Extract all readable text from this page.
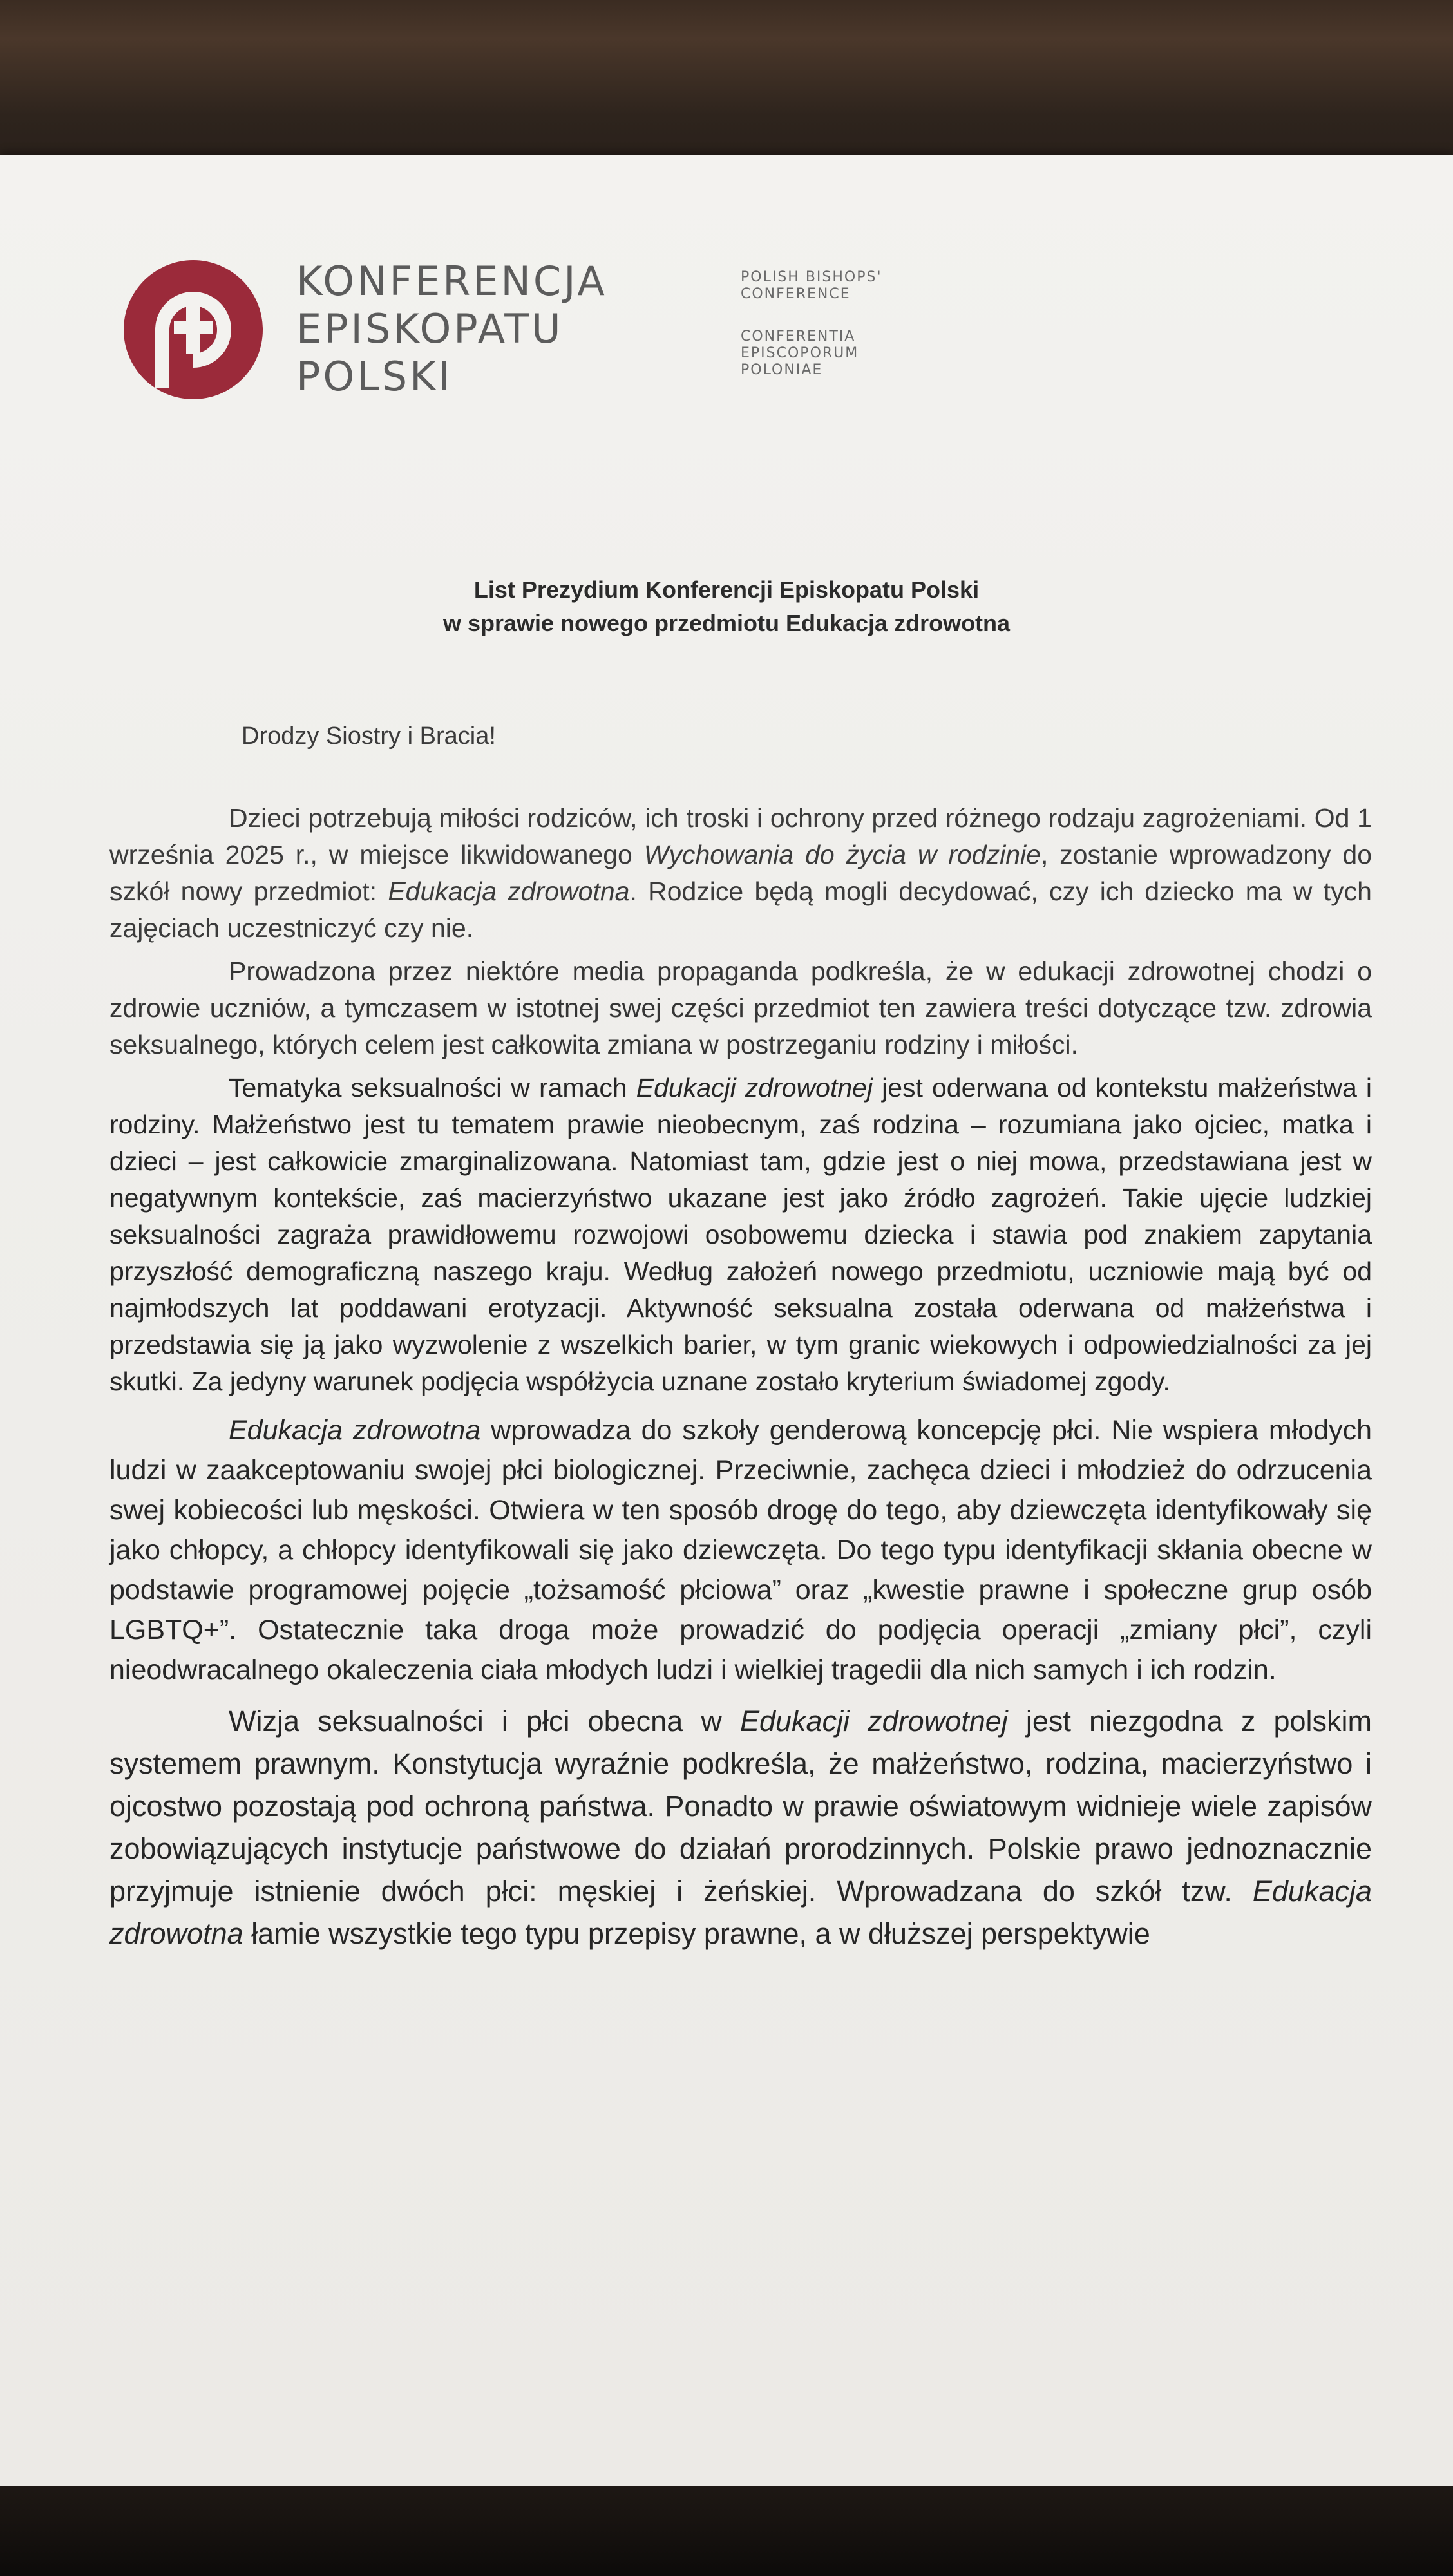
KONFERENCJA
EPISKOPATU
POLSKI
POLISH BISHOPS'
CONFERENCE
CONFERENTIA
EPISCOPORUM
POLONIAE
List Prezydium Konferencji Episkopatu Polski
w sprawie nowego przedmiotu Edukacja zdrowotna
Drodzy Siostry i Bracia!

Dzieci potrzebują miłości rodziców, ich troski i ochrony przed różnego rodzaju zagrożeniami. Od 1 września 2025 r., w miejsce likwidowanego Wychowania do życia w rodzinie, zostanie wprowadzony do szkół nowy przedmiot: Edukacja zdrowotna. Rodzice będą mogli decydować, czy ich dziecko ma w tych zajęciach uczestniczyć czy nie.

Prowadzona przez niektóre media propaganda podkreśla, że w edukacji zdrowotnej chodzi o zdrowie uczniów, a tymczasem w istotnej swej części przedmiot ten zawiera treści dotyczące tzw. zdrowia seksualnego, których celem jest całkowita zmiana w postrzeganiu rodziny i miłości.

Tematyka seksualności w ramach Edukacji zdrowotnej jest oderwana od kontekstu małżeństwa i rodziny. Małżeństwo jest tu tematem prawie nieobecnym, zaś rodzina – rozumiana jako ojciec, matka i dzieci – jest całkowicie zmarginalizowana. Natomiast tam, gdzie jest o niej mowa, przedstawiana jest w negatywnym kontekście, zaś macierzyństwo ukazane jest jako źródło zagrożeń. Takie ujęcie ludzkiej seksualności zagraża prawidłowemu rozwojowi osobowemu dziecka i stawia pod znakiem zapytania przyszłość demograficzną naszego kraju. Według założeń nowego przedmiotu, uczniowie mają być od najmłodszych lat poddawani erotyzacji. Aktywność seksualna została oderwana od małżeństwa i przedstawia się ją jako wyzwolenie z wszelkich barier, w tym granic wiekowych i odpowiedzialności za jej skutki. Za jedyny warunek podjęcia współżycia uznane zostało kryterium świadomej zgody.

Edukacja zdrowotna wprowadza do szkoły genderową koncepcję płci. Nie wspiera młodych ludzi w zaakceptowaniu swojej płci biologicznej. Przeciwnie, zachęca dzieci i młodzież do odrzucenia swej kobiecości lub męskości. Otwiera w ten sposób drogę do tego, aby dziewczęta identyfikowały się jako chłopcy, a chłopcy identyfikowali się jako dziewczęta. Do tego typu identyfikacji skłania obecne w podstawie programowej pojęcie „tożsamość płciowa” oraz „kwestie prawne i społeczne grup osób LGBTQ+”. Ostatecznie taka droga może prowadzić do podjęcia operacji „zmiany płci”, czyli nieodwracalnego okaleczenia ciała młodych ludzi i wielkiej tragedii dla nich samych i ich rodzin.

Wizja seksualności i płci obecna w Edukacji zdrowotnej jest niezgodna z polskim systemem prawnym. Konstytucja wyraźnie podkreśla, że małżeństwo, rodzina, macierzyństwo i ojcostwo pozostają pod ochroną państwa. Ponadto w prawie oświatowym widnieje wiele zapisów zobowiązujących instytucje państwowe do działań prorodzinnych. Polskie prawo jednoznacznie przyjmuje istnienie dwóch płci: męskiej i żeńskiej. Wprowadzana do szkół tzw. Edukacja zdrowotna łamie wszystkie tego typu przepisy prawne, a w dłuższej perspektywie
